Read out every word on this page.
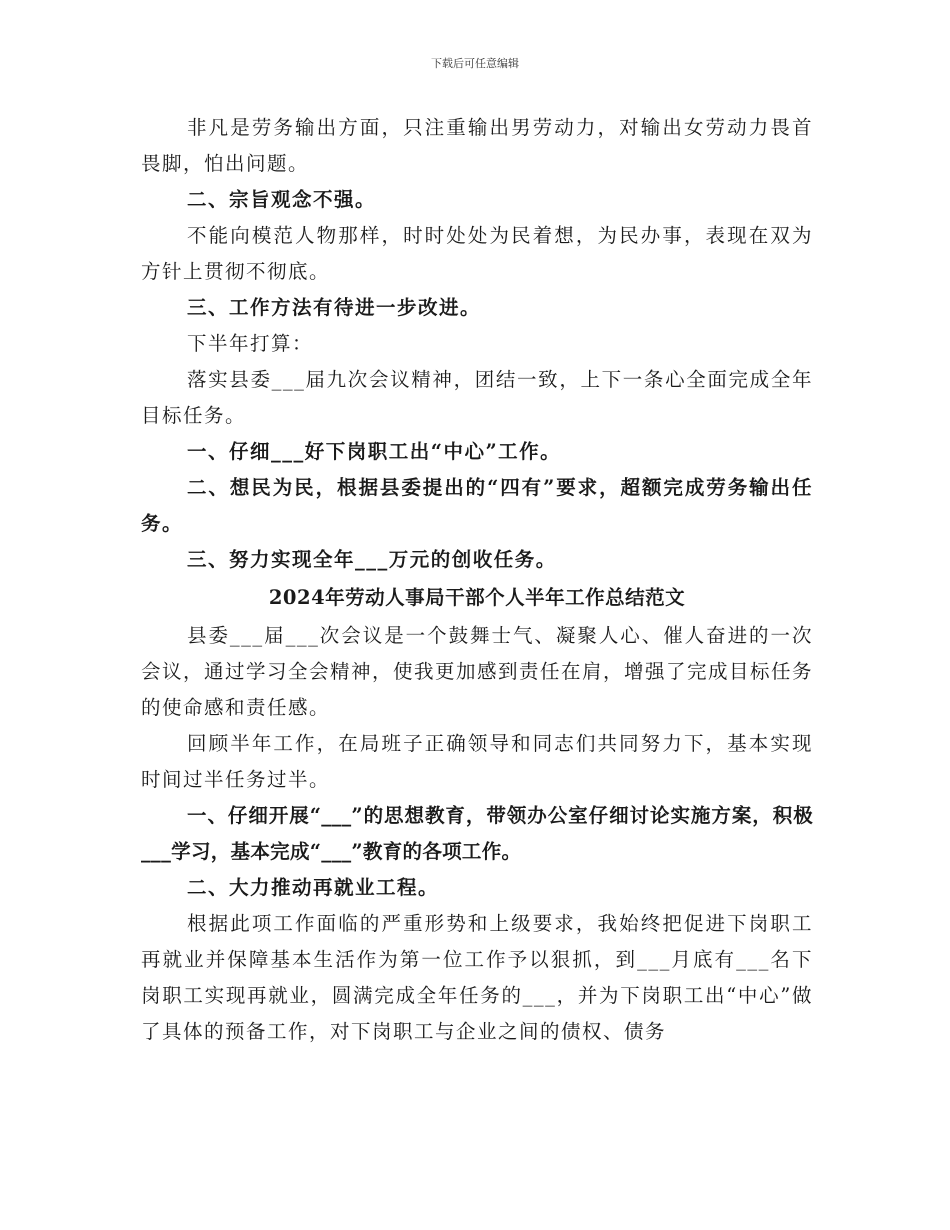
下载后可任意编辑

非凡是劳务输出方面，只注重输出男劳动力，对输出女劳动力畏首畏脚，怕出问题。

二、宗旨观念不强。

不能向模范人物那样，时时处处为民着想，为民办事，表现在双为方针上贯彻不彻底。

三、工作方法有待进一步改进。

下半年打算：

落实县委___届九次会议精神，团结一致，上下一条心全面完成全年目标任务。

一、仔细___好下岗职工出“中心”工作。

二、想民为民，根据县委提出的“四有”要求，超额完成劳务输出任务。

三、努力实现全年___万元的创收任务。

2024年劳动人事局干部个人半年工作总结范文

县委___届___次会议是一个鼓舞士气、凝聚人心、催人奋进的一次会议，通过学习全会精神，使我更加感到责任在肩，增强了完成目标任务的使命感和责任感。

回顾半年工作，在局班子正确领导和同志们共同努力下，基本实现时间过半任务过半。

一、仔细开展“___”的思想教育，带领办公室仔细讨论实施方案，积极___学习，基本完成“___”教育的各项工作。

二、大力推动再就业工程。

根据此项工作面临的严重形势和上级要求，我始终把促进下岗职工再就业并保障基本生活作为第一位工作予以狠抓，到___月底有___名下岗职工实现再就业，圆满完成全年任务的___，并为下岗职工出“中心”做了具体的预备工作，对下岗职工与企业之间的债权、债务
